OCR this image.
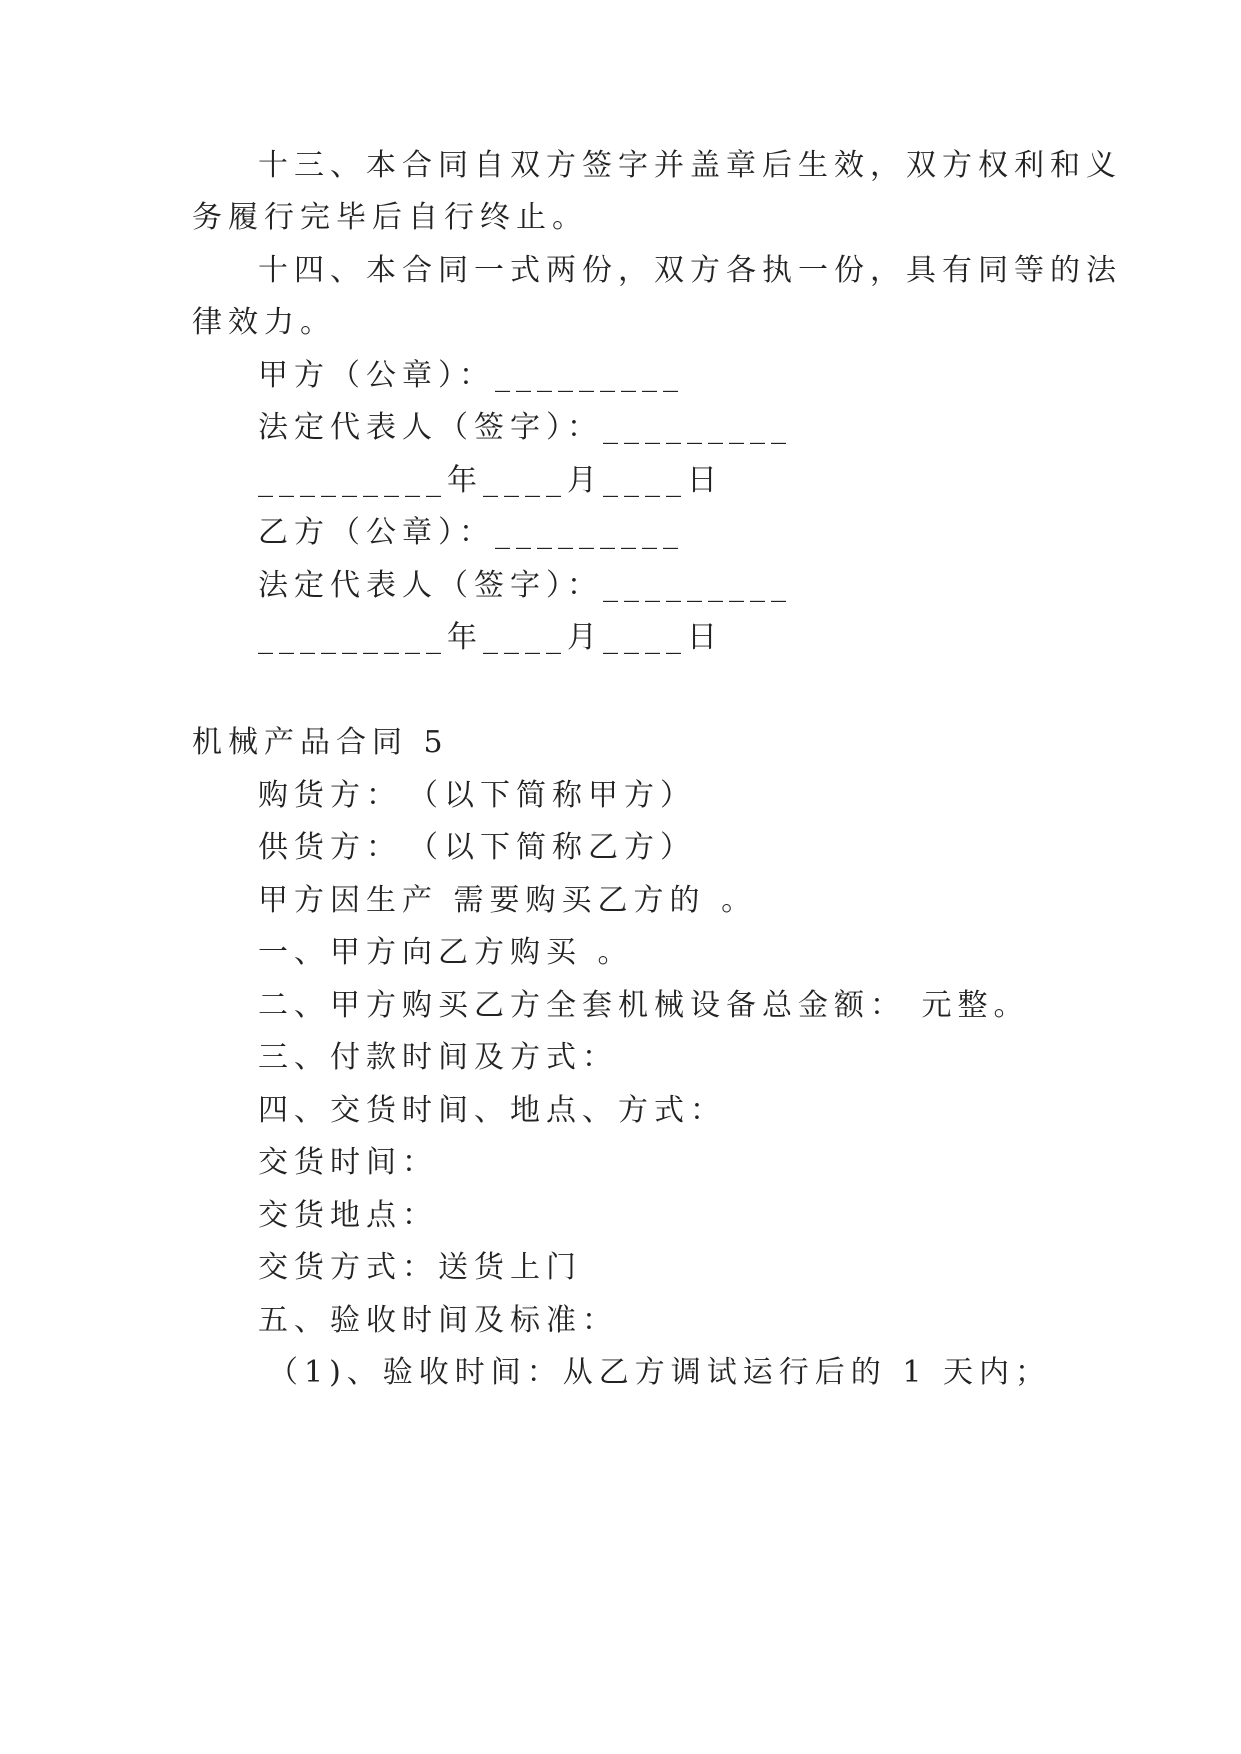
十三、本合同自双方签字并盖章后生效，双方权利和义
务履行完毕后自行终止。
十四、本合同一式两份，双方各执一份，具有同等的法
律效力。
甲方（公章）：_________
法定代表人（签字）：_________
_________年____月____日
乙方（公章）：_________
法定代表人（签字）：_________
_________年____月____日
机械产品合同 5
购货方：　（以下简称甲方）
供货方：　（以下简称乙方）
甲方因生产 需要购买乙方的 。
一、甲方向乙方购买 。
二、甲方购买乙方全套机械设备总金额： 元整。
三、付款时间及方式：
四、交货时间、地点、方式：
交货时间：
交货地点：
交货方式：送货上门
五、验收时间及标准：
（1)、验收时间：从乙方调试运行后的 1 天内；
